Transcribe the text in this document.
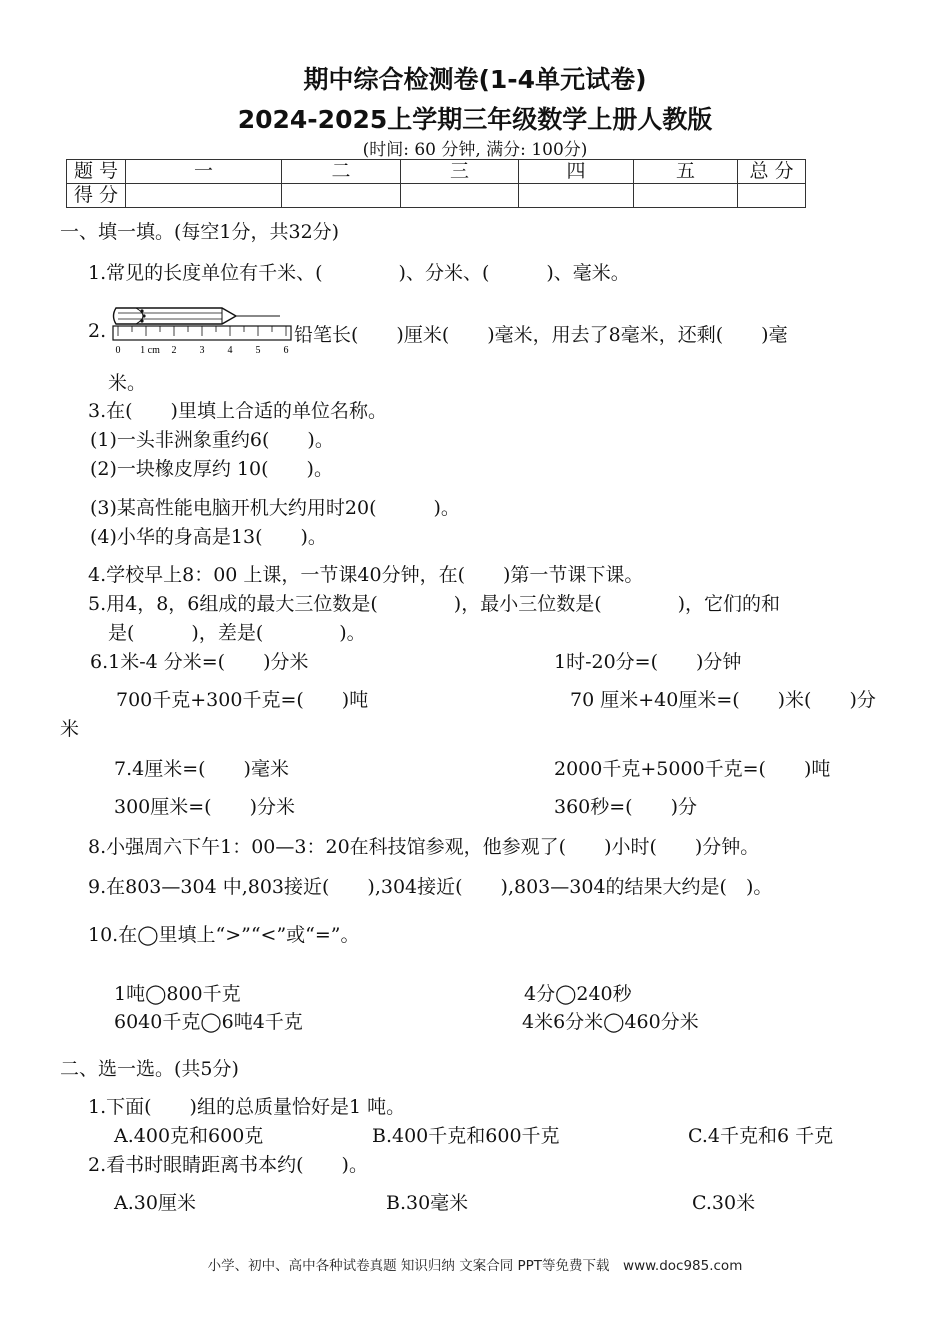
期中综合检测卷(1-4单元试卷)
2024-2025上学期三年级数学上册人教版
(时间: 60 分钟, 满分: 100分)
题 号	一	二	三	四	五	总 分
得 分						
一、填一填。(每空1分，共32分)
1.常见的长度单位有千米、(　　　　)、分米、(　　　)、毫米。
2.
0 1 cm 2 3 4 5 6
铅笔长(　　)厘米(　　)毫米，用去了8毫米，还剩(　　)毫
米。
3.在(　　)里填上合适的单位名称。
(1)一头非洲象重约6(　　)。
(2)一块橡皮厚约 10(　　)。
(3)某高性能电脑开机大约用时20(　　　)。
(4)小华的身高是13(　　)。
4.学校早上8：00 上课，一节课40分钟，在(　　)第一节课下课。
5.用4，8，6组成的最大三位数是(　　　　)，最小三位数是(　　　　)，它们的和
是(　　　)，差是(　　　　)。
6.1米-4 分米=(　　)分米	1时-20分=(　　)分钟
700千克+300千克=(　　)吨	70 厘米+40厘米=(　　)米(　　)分
米
7.4厘米=(　　)毫米	2000千克+5000千克=(　　)吨
300厘米=(　　)分米	360秒=(　　)分
8.小强周六下午1：00—3：20在科技馆参观，他参观了(　　)小时(　　)分钟。
9.在803—304 中,803接近(　　),304接近(　　),803—304的结果大约是(　)。
10.在◯里填上“>”“<”或“=”。
1吨◯800千克	4分◯240秒
6040千克◯6吨4千克	4米6分米◯460分米
二、选一选。(共5分)
1.下面(　　)组的总质量恰好是1 吨。
A.400克和600克	B.400千克和600千克	C.4千克和6 千克
2.看书时眼睛距离书本约(　　)。
A.30厘米	B.30毫米	C.30米
小学、初中、高中各种试卷真题 知识归纳 文案合同 PPT等免费下载　www.doc985.com
